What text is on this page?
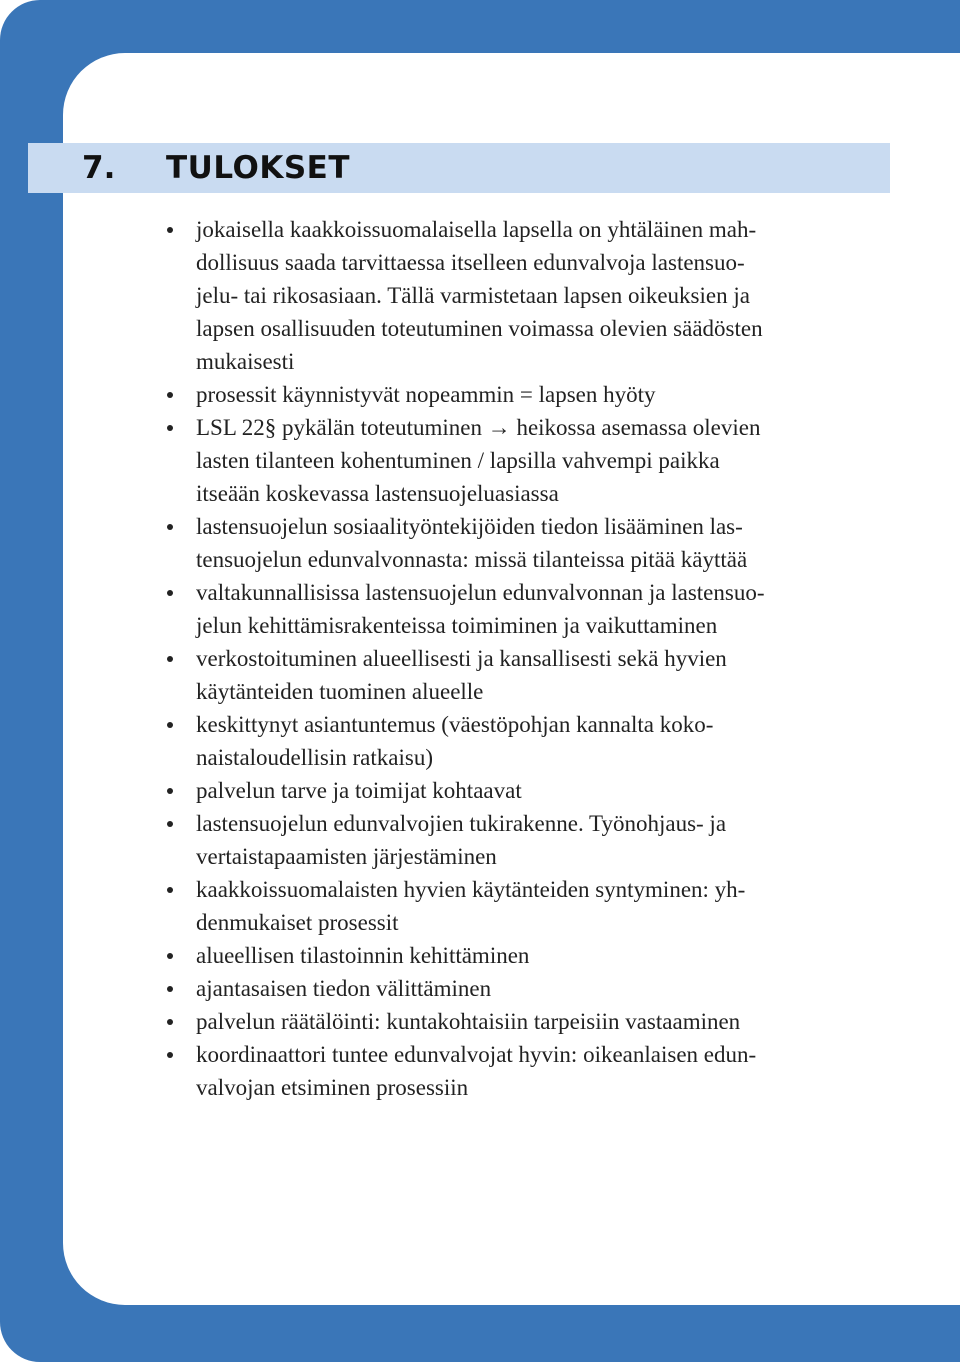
7. TULOKSET
jokaisella kaakkoissuomalaisella lapsella on yhtäläinen mah-
dollisuus saada tarvittaessa itselleen edunvalvoja lastensuo-
jelu- tai rikosasiaan. Tällä varmistetaan lapsen oikeuksien ja
lapsen osallisuuden toteutuminen voimassa olevien säädösten
mukaisesti
prosessit käynnistyvät nopeammin = lapsen hyöty
LSL 22§ pykälän toteutuminen → heikossa asemassa olevien
lasten tilanteen kohentuminen / lapsilla vahvempi paikka
itseään koskevassa lastensuojeluasiassa
lastensuojelun sosiaalityöntekijöiden tiedon lisääminen las-
tensuojelun edunvalvonnasta: missä tilanteissa pitää käyttää
valtakunnallisissa lastensuojelun edunvalvonnan ja lastensuo-
jelun kehittämisrakenteissa toimiminen ja vaikuttaminen
verkostoituminen alueellisesti ja kansallisesti sekä hyvien
käytänteiden tuominen alueelle
keskittynyt asiantuntemus (väestöpohjan kannalta koko-
naistaloudellisin ratkaisu)
palvelun tarve ja toimijat kohtaavat
lastensuojelun edunvalvojien tukirakenne. Työnohjaus- ja
vertaistapaamisten järjestäminen
kaakkoissuomalaisten hyvien käytänteiden syntyminen: yh-
denmukaiset prosessit
alueellisen tilastoinnin kehittäminen
ajantasaisen tiedon välittäminen
palvelun räätälöinti: kuntakohtaisiin tarpeisiin vastaaminen
koordinaattori tuntee edunvalvojat hyvin: oikeanlaisen edun-
valvojan etsiminen prosessiin
